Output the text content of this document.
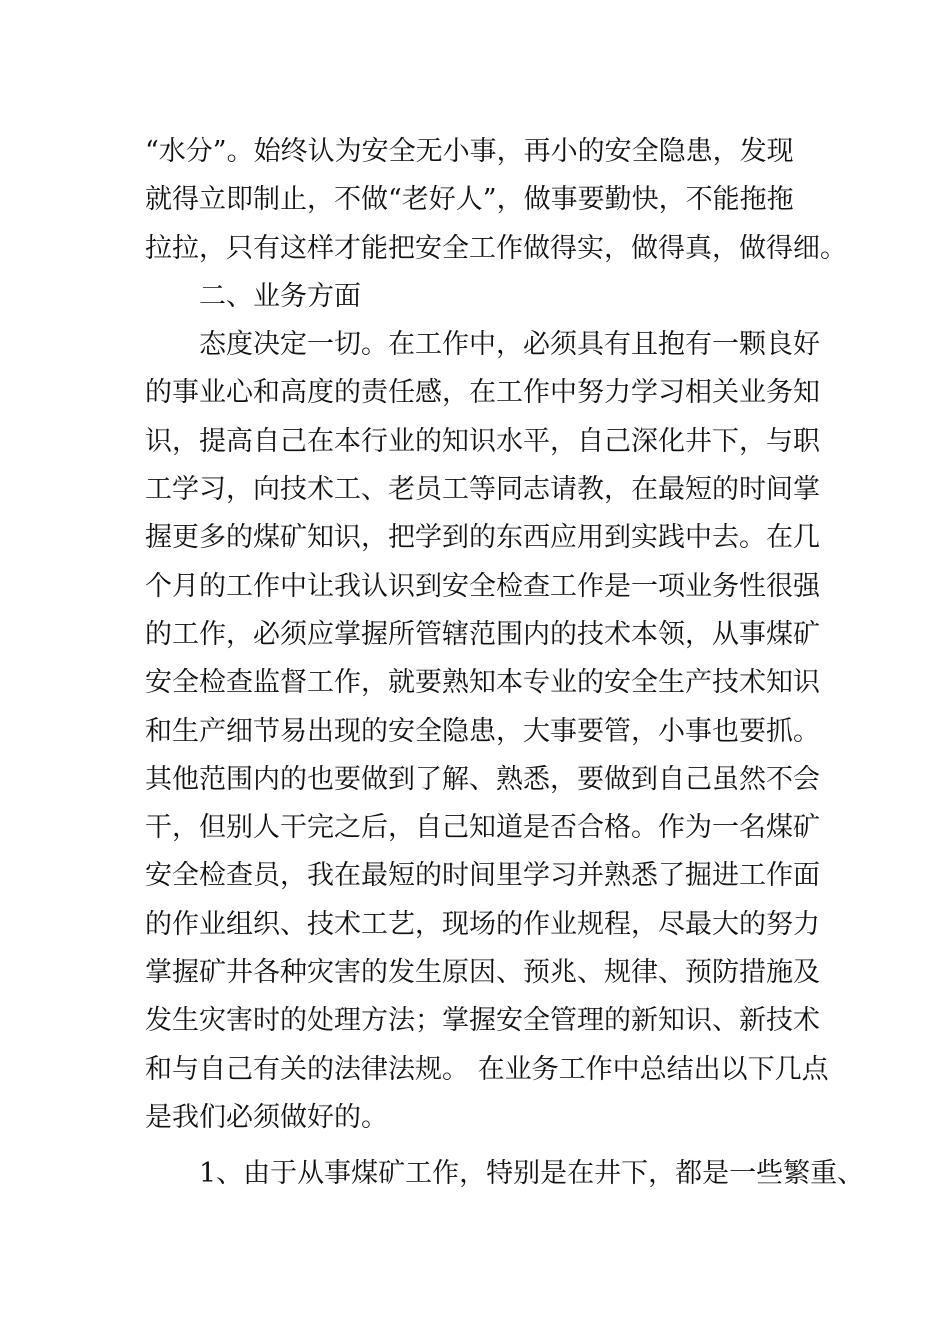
“水分”。始终认为安全无小事，再小的安全隐患，发现
就得立即制止，不做“老好人”，做事要勤快，不能拖拖
拉拉，只有这样才能把安全工作做得实，做得真，做得细。
二、业务方面
态度决定一切。在工作中，必须具有且抱有一颗良好
的事业心和高度的责任感，在工作中努力学习相关业务知
识，提高自己在本行业的知识水平，自己深化井下，与职
工学习，向技术工、老员工等同志请教，在最短的时间掌
握更多的煤矿知识，把学到的东西应用到实践中去。在几
个月的工作中让我认识到安全检查工作是一项业务性很强
的工作，必须应掌握所管辖范围内的技术本领，从事煤矿
安全检查监督工作，就要熟知本专业的安全生产技术知识
和生产细节易出现的安全隐患，大事要管，小事也要抓。
其他范围内的也要做到了解、熟悉，要做到自己虽然不会
干，但别人干完之后，自己知道是否合格。作为一名煤矿
安全检查员，我在最短的时间里学习并熟悉了掘进工作面
的作业组织、技术工艺，现场的作业规程，尽最大的努力
掌握矿井各种灾害的发生原因、预兆、规律、预防措施及
发生灾害时的处理方法；掌握安全管理的新知识、新技术
和与自己有关的法律法规。 在业务工作中总结出以下几点
是我们必须做好的。
1、由于从事煤矿工作，特别是在井下，都是一些繁重、
